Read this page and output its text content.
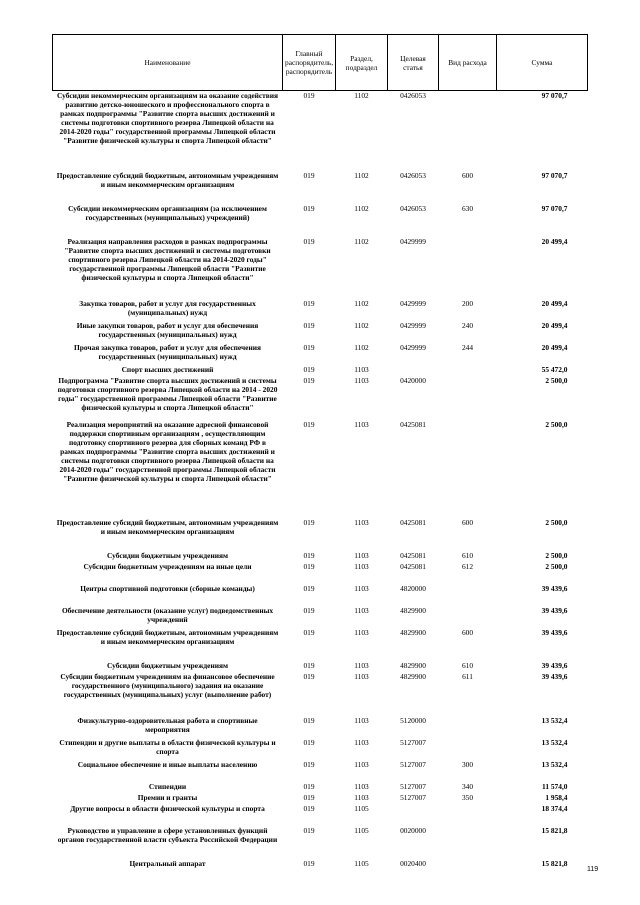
Наименование	Главный распорядитель, распорядитель	Раздел, подраздел	Целевая статья	Вид расхода	Сумма
Субсидии некоммерческим организациям на оказание содействия развитию детско-юношеского и профессионального спорта в рамках подпрограммы "Развитие спорта высших достижений и системы подготовки спортивного резерва Липецкой области на 2014-2020 годы" государственной программы Липецкой области "Развитие физической культуры и спорта Липецкой области"	019	1102	0426053		97 070,7
Предоставление субсидий бюджетным, автономным учреждениям и иным некоммерческим организациям	019	1102	0426053	600	97 070,7
Субсидии некоммерческим организациям (за исключением государственных (муниципальных) учреждений)	019	1102	0426053	630	97 070,7
Реализация направления расходов в рамках подпрограммы "Развитие спорта высших достижений и системы подготовки спортивного резерва Липецкой области на 2014-2020 годы" государственной программы Липецкой области "Развитие физической культуры и спорта Липецкой области"	019	1102	0429999		20 499,4
Закупка товаров, работ и услуг для государственных (муниципальных) нужд	019	1102	0429999	200	20 499,4
Иные закупки товаров, работ и услуг для обеспечения государственных (муниципальных) нужд	019	1102	0429999	240	20 499,4
Прочая закупка товаров, работ и услуг для обеспечения государственных (муниципальных) нужд	019	1102	0429999	244	20 499,4
Спорт высших достижений	019	1103			55 472,0
Подпрограмма "Развитие спорта высших достижений и системы подготовки спортивного резерва Липецкой области на 2014 - 2020 годы" государственной программы Липецкой области "Развитие физической культуры и спорта Липецкой области"	019	1103	0420000		2 500,0
Реализация мероприятий на оказание адресной финансовой поддержки спортивным организациям , осуществляющим подготовку спортивного резерва для сборных команд РФ в рамках подпрограммы "Развитие спорта высших достижений и системы подготовки спортивного резерва Липецкой области на 2014-2020 годы" государственной программы Липецкой области "Развитие физической культуры и спорта Липецкой области"	019	1103	0425081		2 500,0
Предоставление субсидий бюджетным, автономным учреждениям и иным некоммерческим организациям	019	1103	0425081	600	2 500,0
Субсидии бюджетным учреждениям	019	1103	0425081	610	2 500,0
Субсидии бюджетным учреждениям на иные цели	019	1103	0425081	612	2 500,0
Центры спортивной подготовки (сборные команды)	019	1103	4820000		39 439,6
Обеспечение деятельности (оказание услуг) подведомственных учреждений	019	1103	4829900		39 439,6
Предоставление субсидий бюджетным, автономным учреждениям и иным некоммерческим организациям	019	1103	4829900	600	39 439,6
Субсидии бюджетным учреждениям	019	1103	4829900	610	39 439,6
Субсидии бюджетным учреждениям на финансовое обеспечение государственного (муниципального) задания на оказание государственных (муниципальных) услуг (выполнение работ)	019	1103	4829900	611	39 439,6
Физкультурно-оздоровительная работа и спортивные мероприятия	019	1103	5120000		13 532,4
Стипендии и другие выплаты в области физической культуры и спорта	019	1103	5127007		13 532,4
Социальное обеспечение и иные выплаты населению	019	1103	5127007	300	13 532,4
Стипендии	019	1103	5127007	340	11 574,0
Премии и гранты	019	1103	5127007	350	1 958,4
Другие вопросы в области физической культуры и спорта	019	1105			18 374,4
Руководство и управление в сфере установленных функций органов государственной власти субъекта Российской Федерации	019	1105	0020000		15 821,8
Центральный аппарат	019	1105	0020400		15 821,8
119
